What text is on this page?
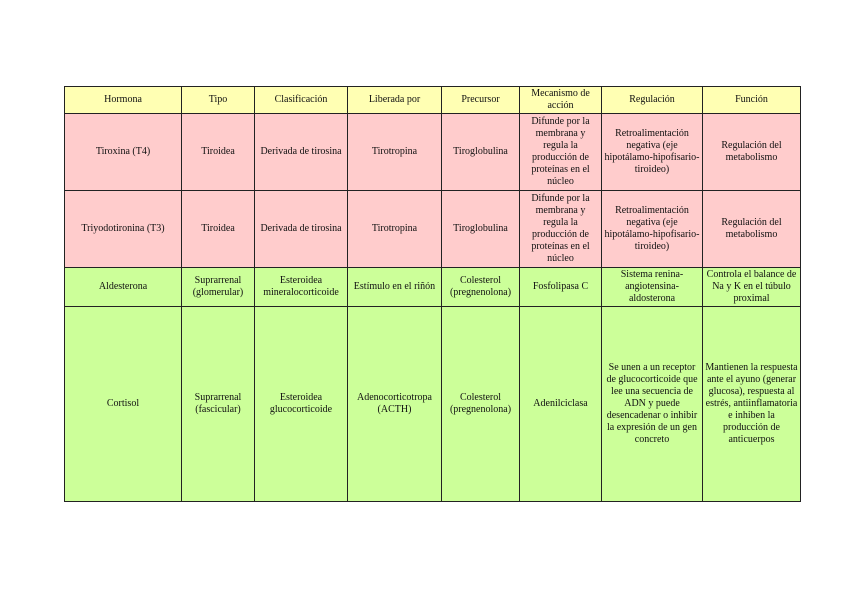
Hormona	Tipo	Clasificación	Liberada por	Precursor	Mecanismo de acción	Regulación	Función
Tiroxina (T4)	Tiroidea	Derivada de tirosina	Tirotropina	Tiroglobulina	Difunde por la membrana y regula la producción de proteínas en el núcleo	Retroalimentación negativa (eje hipotálamo-hipofisario-tiroideo)	Regulación del metabolismo
Triyodotironina (T3)	Tiroidea	Derivada de tirosina	Tirotropina	Tiroglobulina	Difunde por la membrana y regula la producción de proteínas en el núcleo	Retroalimentación negativa (eje hipotálamo-hipofisario-tiroideo)	Regulación del metabolismo
Aldesterona	Suprarrenal (glomerular)	Esteroidea mineralocorticoide	Estímulo en el riñón	Colesterol (pregnenolona)	Fosfolipasa C	Sistema renina-angiotensina-aldosterona	Controla el balance de Na y K en el túbulo proximal
Cortisol	Suprarrenal (fascicular)	Esteroidea glucocorticoide	Adenocorticotropa (ACTH)	Colesterol (pregnenolona)	Adenilciclasa	Se unen a un receptor de glucocorticoide que lee una secuencia de ADN y puede desencadenar o inhibir la expresión de un gen concreto	Mantienen la respuesta ante el ayuno (generar glucosa), respuesta al estrés, antiinflamatoria e inhiben la producción de anticuerpos
